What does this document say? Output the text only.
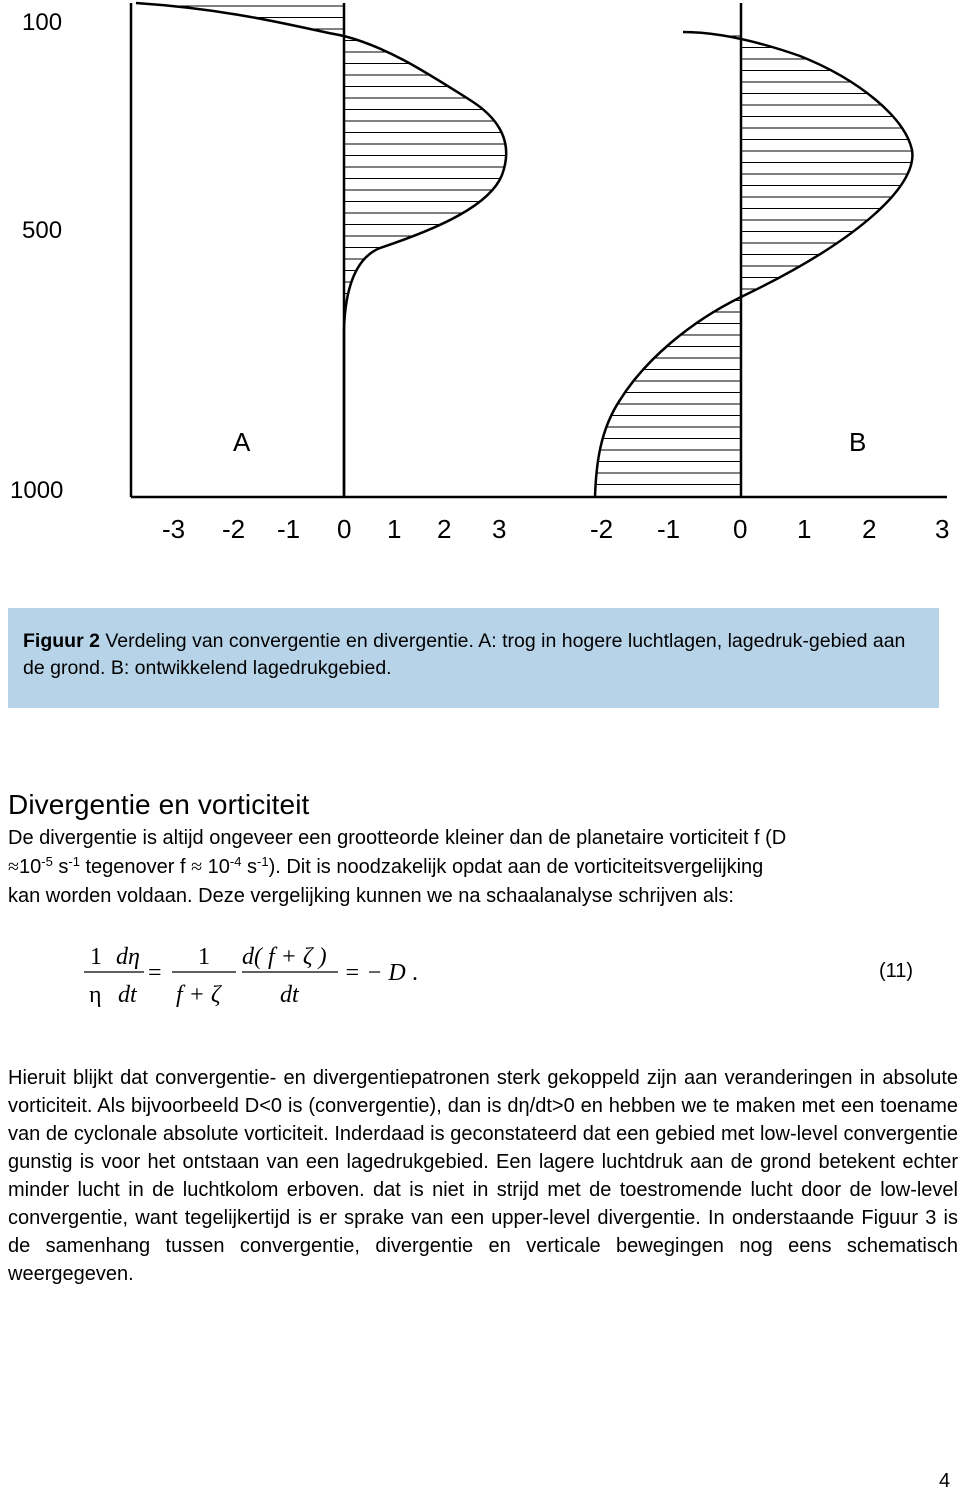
100
500
1000
-3 -2 -1 0 1 2 3	-2 -1 0 1 2 3
A	B
Figuur 2 Verdeling van convergentie en divergentie. A: trog in hogere luchtlagen, lagedruk-gebied aan de grond. B: ontwikkelend lagedrukgebied.
Divergentie en vorticiteit
De divergentie is altijd ongeveer een grootteorde kleiner dan de planetaire vorticiteit f (D
$\approx 10^{-5}$ $s^{-1}$ tegenover $f \approx 10^{-4}$ $s^{-1}$). Dit is noodzakelijk opdat aan de vorticiteitsvergelijking
kan worden voldaan. Deze vergelijking kunnen we na schaalanalyse schrijven als:
1
η
dη
dt
=
1
f + ζ
d( f + ζ )
dt
= − D .	(11)
Hieruit blijkt dat convergentie- en divergentiepatronen sterk gekoppeld zijn aan veranderingen in absolute vorticiteit. Als bijvoorbeeld D<0 is (convergentie), dan is dη/dt>0 en hebben we te maken met een toename van de cyclonale absolute vorticiteit. Inderdaad is geconstateerd dat een gebied met low-level convergentie gunstig is voor het ontstaan van een lagedrukgebied. Een lagere luchtdruk aan de grond betekent echter minder lucht in de luchtkolom erboven. dat is niet in strijd met de toestromende lucht door de low-level convergentie, want tegelijkertijd is er sprake van een upper-level divergentie. In onderstaande Figuur 3 is de samenhang tussen convergentie, divergentie en verticale bewegingen nog eens schematisch weergegeven.
4
